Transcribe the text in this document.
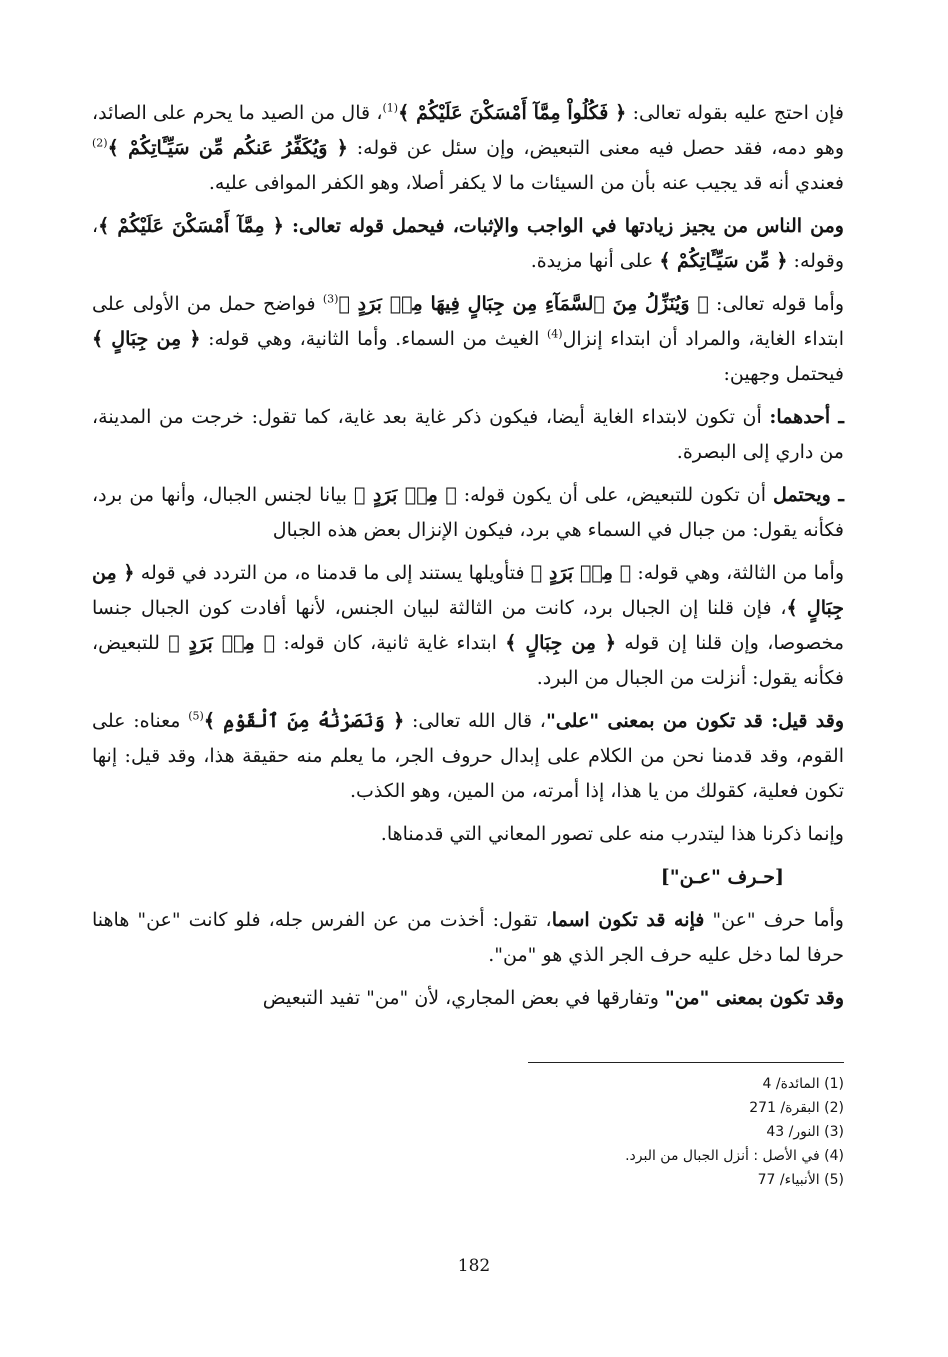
فإن احتج عليه بقوله تعالى: ﴿ فَكُلُواْ مِمَّآ أَمْسَكْنَ عَلَيْكُمْ ﴾$^{(1)}$، قال من الصيد ما يحرم على الصائد، وهو دمه، فقد حصل فيه معنى التبعيض، وإن سئل عن قوله: ﴿ وَيُكَفِّرُ عَنكُم مِّن سَيِّـَٔاتِكُمْ ﴾$^{(2)}$ فعندي أنه قد يجيب عنه بأن من السيئات ما لا يكفر أصلا، وهو الكفر الموافى عليه.

ومن الناس من يجيز زيادتها في الواجب والإثبات، فيحمل قوله تعالى: ﴿ مِمَّآ أَمْسَكْنَ عَلَيْكُمْ ﴾، وقوله: ﴿ مِّن سَيِّـَٔاتِكُمْ ﴾ على أنها مزيدة.

وأما قوله تعالى: ﴿ وَيُنَزِّلُ مِنَ ٱلسَّمَآءِ مِن جِبَالٍ فِيهَا مِنۢ بَرَدٍ ﴾$^{(3)}$ فواضح حمل من الأولى على ابتداء الغاية، والمراد أن ابتداء إنزال$^{(4)}$ الغيث من السماء. وأما الثانية، وهي قوله: ﴿ مِن جِبَالٍ ﴾ فيحتمل وجهين:

ـ أحدهما: أن تكون لابتداء الغاية أيضا، فيكون ذكر غاية بعد غاية، كما تقول: خرجت من المدينة، من داري إلى البصرة.

ـ ويحتمل أن تكون للتبعيض، على أن يكون قوله: ﴿ مِنۢ بَرَدٍ ﴾ بيانا لجنس الجبال، وأنها من برد، فكأنه يقول: من جبال في السماء هي برد، فيكون الإنزال بعض هذه الجبال

وأما من الثالثة، وهي قوله: ﴿ مِنۢ بَرَدٍ ﴾ فتأويلها يستند إلى ما قدمنا ه، من التردد في قوله ﴿ مِن جِبَالٍ ﴾، فإن قلنا إن الجبال برد، كانت من الثالثة لبيان الجنس، لأنها أفادت كون الجبال جنسا مخصوصا، وإن قلنا إن قوله ﴿ مِن جِبَالٍ ﴾ ابتداء غاية ثانية، كان قوله: ﴿ مِنۢ بَرَدٍ ﴾ للتبعيض، فكأنه يقول: أنزلت من الجبال من البرد.

وقد قيل: قد تكون من بمعنى "على"، قال الله تعالى: ﴿ وَنَصَرْنَٰهُ مِنَ ٱلْقَوْمِ ﴾$^{(5)}$ معناه: على القوم، وقد قدمنا نحن من الكلام على إبدال حروف الجر، ما يعلم منه حقيقة هذا، وقد قيل: إنها تكون فعلية، كقولك من يا هذا، إذا أمرته، من المين، وهو الكذب.

وإنما ذكرنا هذا ليتدرب منه على تصور المعاني التي قدمناها.

[حـرف "عـن"]

وأما حرف "عن" فإنه قد تكون اسما، تقول: أخذت من عن الفرس جله، فلو كانت "عن" هاهنا حرفا لما دخل عليه حرف الجر الذي هو "من".

وقد تكون بمعنى "من" وتفارقها في بعض المجاري، لأن "من" تفيد التبعيض

(1) المائدة/ 4

(2) البقرة/ 271

(3) النور/ 43

(4) في الأصل : أنزل الجبال من البرد.

(5) الأنبياء/ 77

182
